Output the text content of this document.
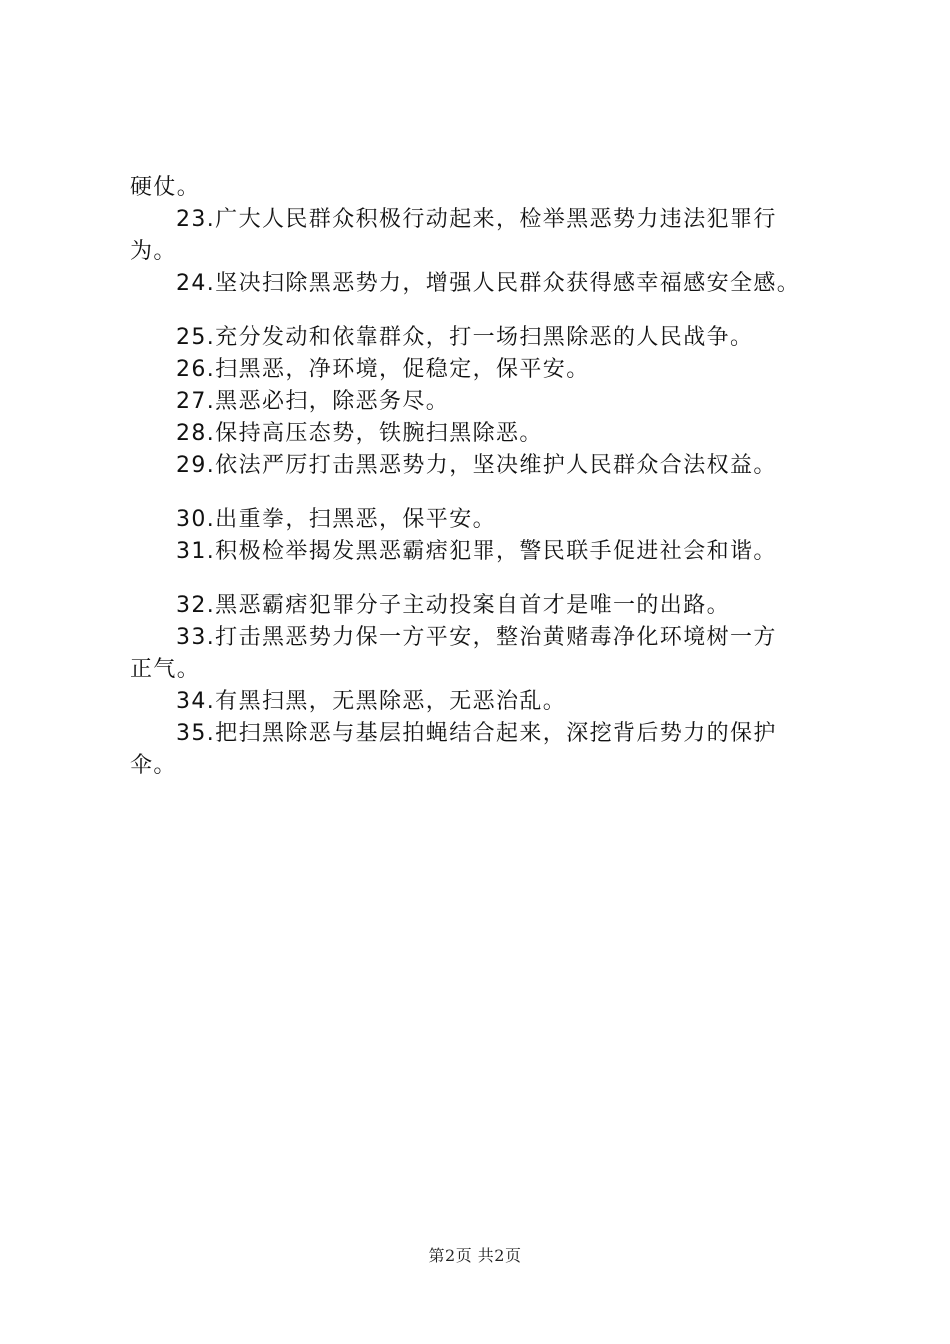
硬仗。
23.广大人民群众积极行动起来，检举黑恶势力违法犯罪行
为。
24.坚决扫除黑恶势力，增强人民群众获得感幸福感安全感。
25.充分发动和依靠群众，打一场扫黑除恶的人民战争。
26.扫黑恶，净环境，促稳定，保平安。
27.黑恶必扫，除恶务尽。
28.保持高压态势，铁腕扫黑除恶。
29.依法严厉打击黑恶势力，坚决维护人民群众合法权益。
30.出重拳，扫黑恶，保平安。
31.积极检举揭发黑恶霸痞犯罪，警民联手促进社会和谐。
32.黑恶霸痞犯罪分子主动投案自首才是唯一的出路。
33.打击黑恶势力保一方平安，整治黄赌毒净化环境树一方
正气。
34.有黑扫黑，无黑除恶，无恶治乱。
35.把扫黑除恶与基层拍蝇结合起来，深挖背后势力的保护
伞。
第2页 共2页
